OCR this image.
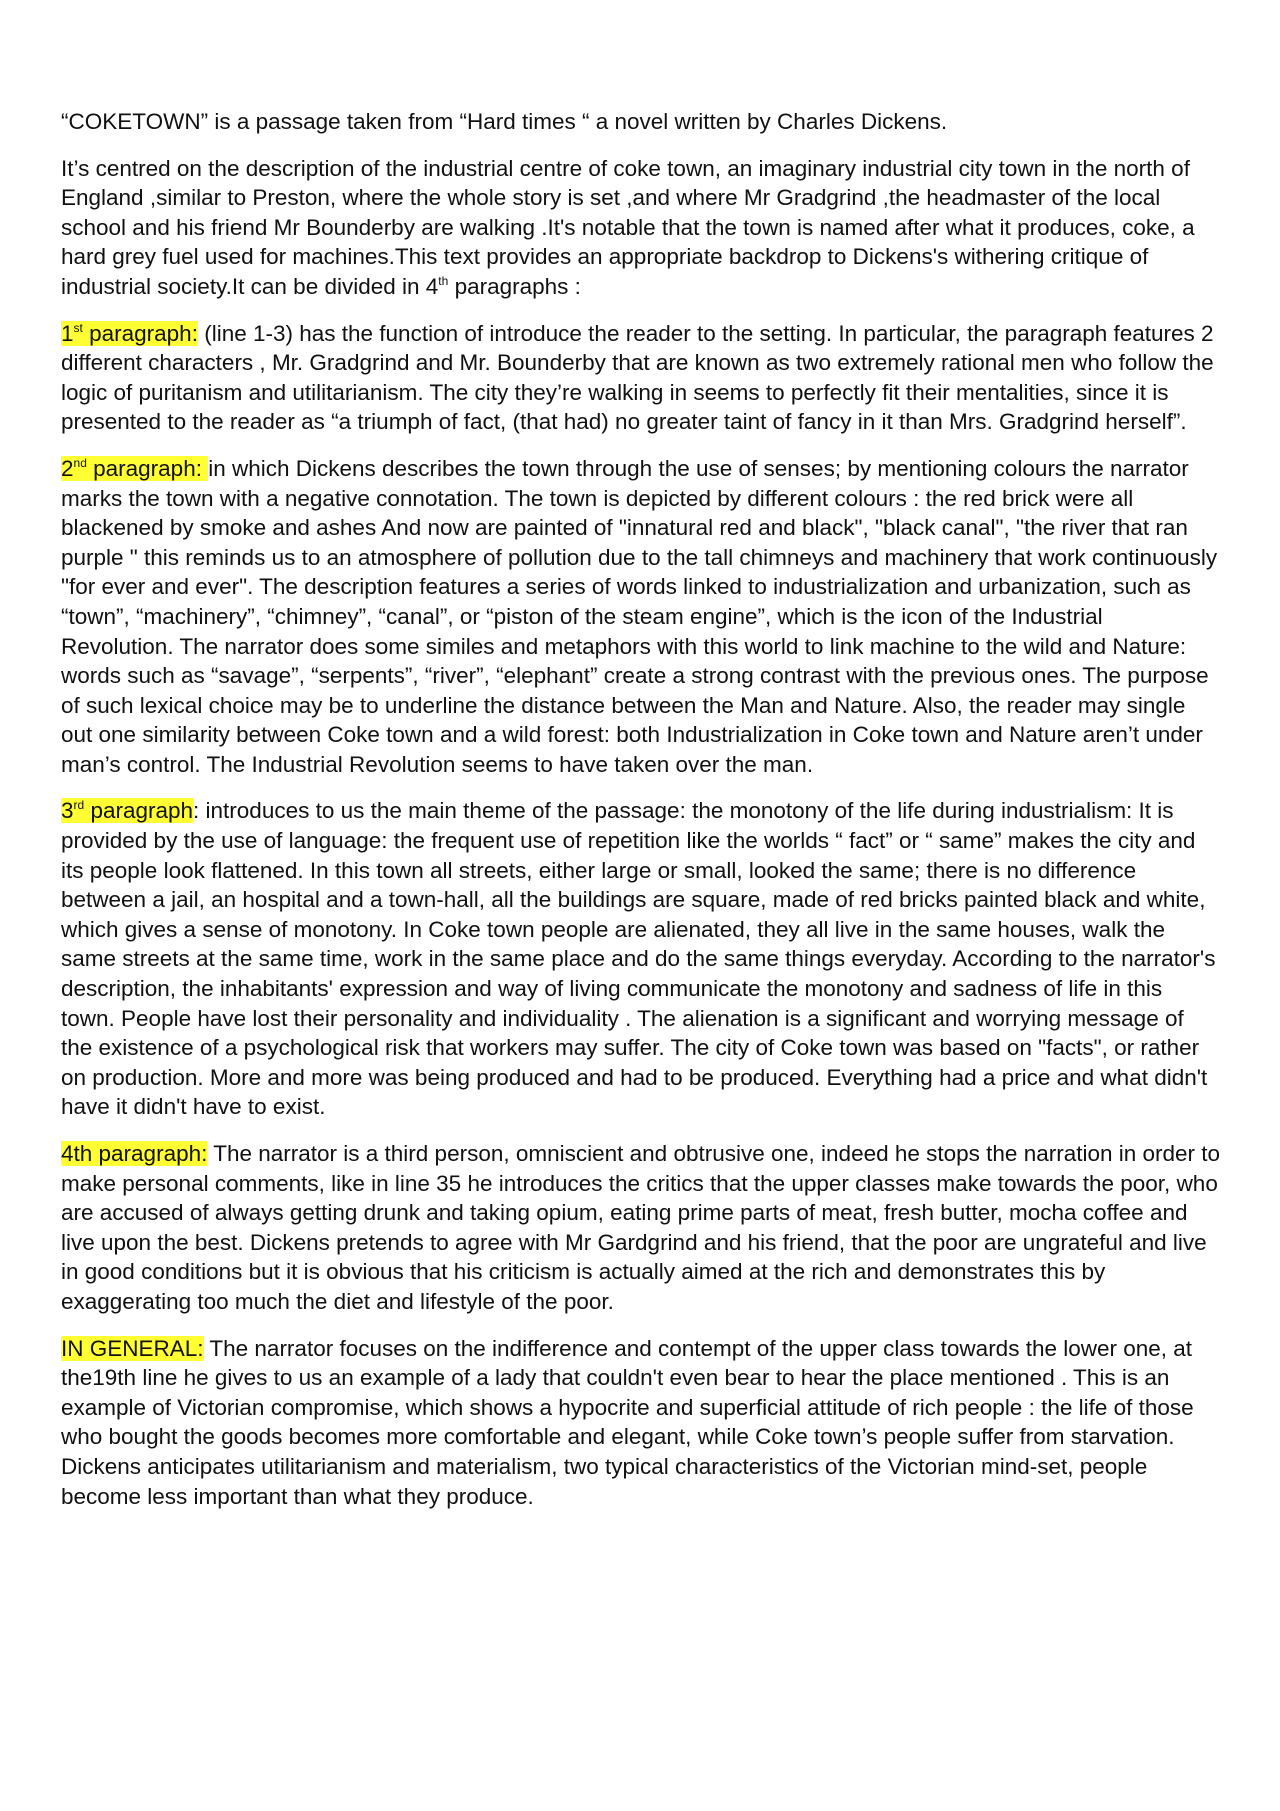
“COKETOWN” is a passage taken from “Hard times “ a novel written by Charles Dickens.

It’s centred on the description of the industrial centre of coke town, an imaginary industrial city town in the north of England ,similar to Preston, where the whole story is set ,and where Mr Gradgrind ,the headmaster of the local school and his friend Mr Bounderby are walking .It's notable that the town is named after what it produces, coke, a hard grey fuel used for machines.This text provides an appropriate backdrop to Dickens's withering critique of industrial society.It can be divided in 4th paragraphs :

1st paragraph: (line 1-3) has the function of introduce the reader to the setting. In particular, the paragraph features 2 different characters , Mr. Gradgrind and Mr. Bounderby that are known as two extremely rational men who follow the logic of puritanism and utilitarianism. The city they’re walking in seems to perfectly fit their mentalities, since it is presented to the reader as “a triumph of fact, (that had) no greater taint of fancy in it than Mrs. Gradgrind herself”.

2nd paragraph: in which Dickens describes the town through the use of senses; by mentioning colours the narrator marks the town with a negative connotation. The town is depicted by different colours : the red brick were all blackened by smoke and ashes And now are painted of "innatural red and black", "black canal", "the river that ran purple " this reminds us to an atmosphere of pollution due to the tall chimneys and machinery that work continuously "for ever and ever". The description features a series of words linked to industrialization and urbanization, such as “town”, “machinery”, “chimney”, “canal”, or “piston of the steam engine”, which is the icon of the Industrial Revolution. The narrator does some similes and metaphors with this world to link machine to the wild and Nature: words such as “savage”, “serpents”, “river”, “elephant” create a strong contrast with the previous ones. The purpose of such lexical choice may be to underline the distance between the Man and Nature. Also, the reader may single out one similarity between Coke town and a wild forest: both Industrialization in Coke town and Nature aren’t under man’s control. The Industrial Revolution seems to have taken over the man.

3rd paragraph: introduces to us the main theme of the passage: the monotony of the life during industrialism: It is provided by the use of language: the frequent use of repetition like the worlds “ fact” or “ same” makes the city and its people look flattened. In this town all streets, either large or small, looked the same; there is no difference between a jail, an hospital and a town-hall, all the buildings are square, made of red bricks painted black and white, which gives a sense of monotony. In Coke town people are alienated, they all live in the same houses, walk the same streets at the same time, work in the same place and do the same things everyday. According to the narrator's description, the inhabitants' expression and way of living communicate the monotony and sadness of life in this town. People have lost their personality and individuality . The alienation is a significant and worrying message of the existence of a psychological risk that workers may suffer. The city of Coke town was based on "facts", or rather on production. More and more was being produced and had to be produced. Everything had a price and what didn't have it didn't have to exist.

4th paragraph: The narrator is a third person, omniscient and obtrusive one, indeed he stops the narration in order to make personal comments, like in line 35 he introduces the critics that the upper classes make towards the poor, who are accused of always getting drunk and taking opium, eating prime parts of meat, fresh butter, mocha coffee and live upon the best. Dickens pretends to agree with Mr Gardgrind and his friend, that the poor are ungrateful and live in good conditions but it is obvious that his criticism is actually aimed at the rich and demonstrates this by exaggerating too much the diet and lifestyle of the poor.

IN GENERAL: The narrator focuses on the indifference and contempt of the upper class towards the lower one, at the19th line he gives to us an example of a lady that couldn't even bear to hear the place mentioned . This is an example of Victorian compromise, which shows a hypocrite and superficial attitude of rich people : the life of those who bought the goods becomes more comfortable and elegant, while Coke town’s people suffer from starvation. Dickens anticipates utilitarianism and materialism, two typical characteristics of the Victorian mind-set, people become less important than what they produce.
